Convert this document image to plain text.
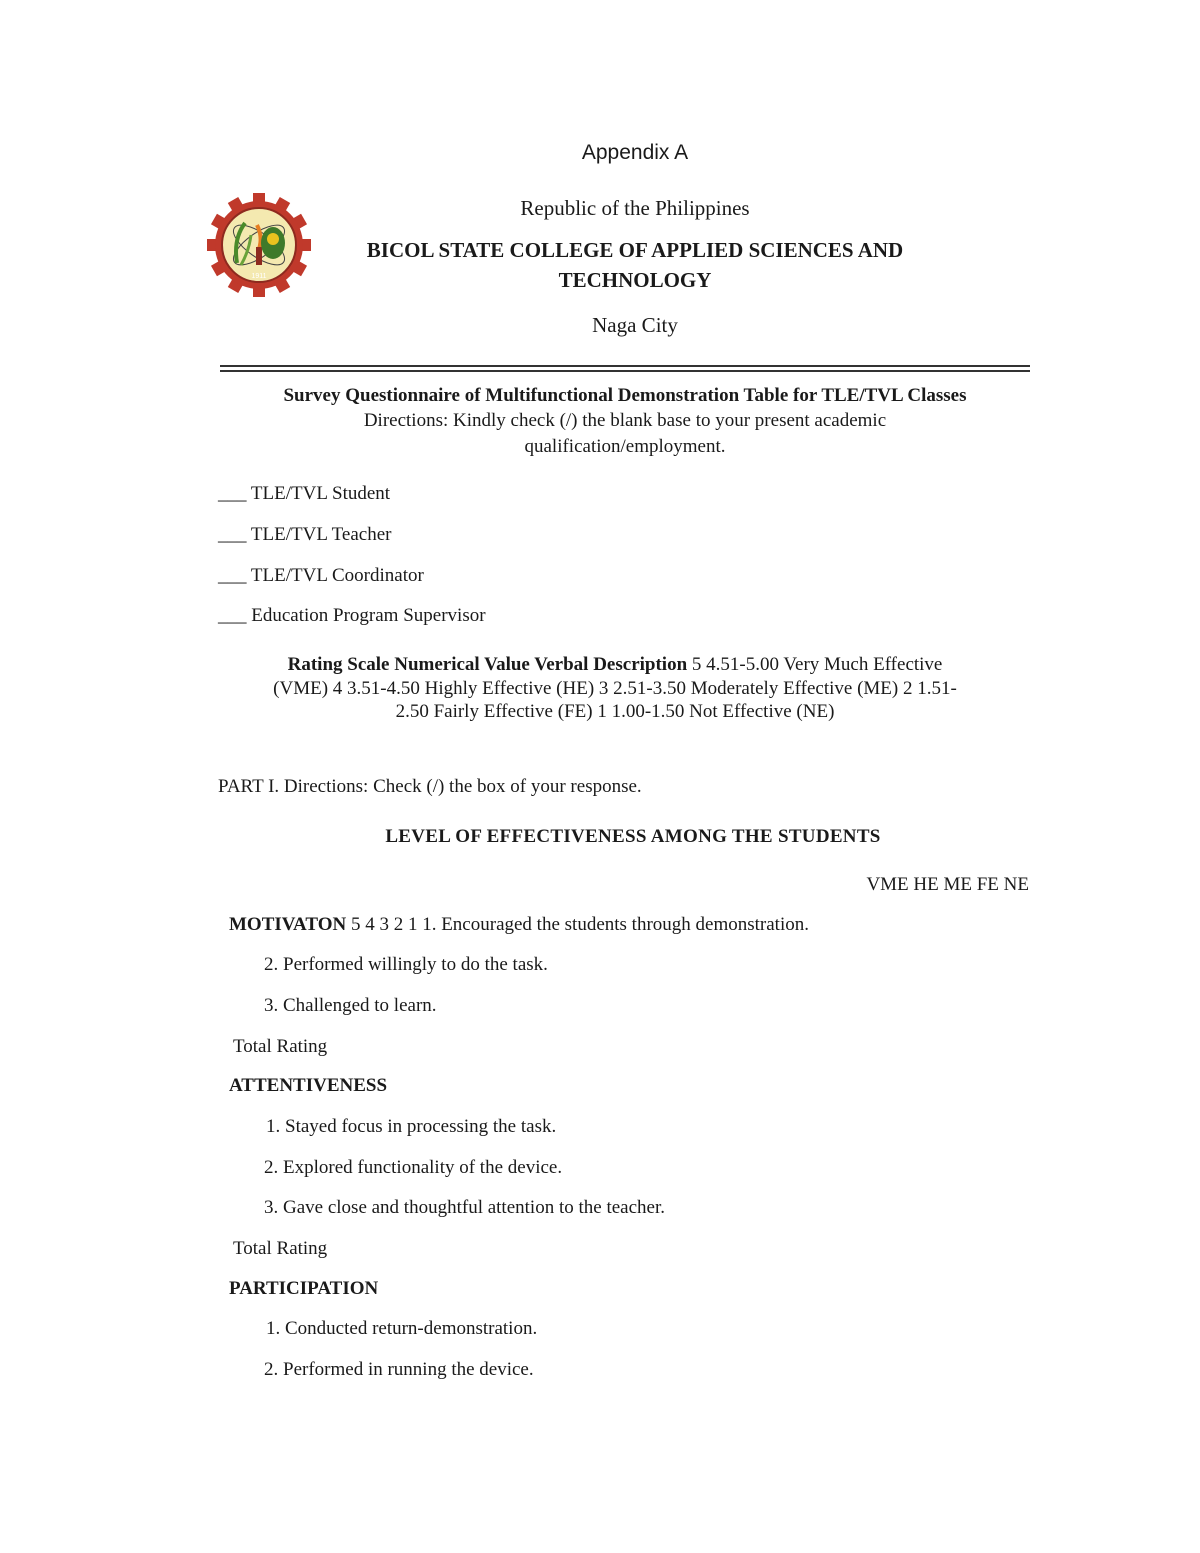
Appendix A
1911
Republic of the Philippines
BICOL STATE COLLEGE OF APPLIED SCIENCES AND
TECHNOLOGY
Naga City
Survey Questionnaire of Multifunctional Demonstration Table for TLE/TVL Classes
Directions: Kindly check (/) the blank base to your present academic
qualification/employment.
___ TLE/TVL Student
___ TLE/TVL Teacher
___ TLE/TVL Coordinator
___ Education Program Supervisor
Rating Scale Numerical Value Verbal Description 5 4.51-5.00 Very Much Effective
(VME) 4 3.51-4.50 Highly Effective (HE) 3 2.51-3.50 Moderately Effective (ME) 2 1.51-
2.50 Fairly Effective (FE) 1 1.00-1.50 Not Effective (NE)
PART I. Directions: Check (/) the box of your response.
LEVEL OF EFFECTIVENESS AMONG THE STUDENTS
VME HE ME FE NE
MOTIVATON 5 4 3 2 1 1. Encouraged the students through demonstration.
2. Performed willingly to do the task.
3. Challenged to learn.
Total Rating
ATTENTIVENESS
1. Stayed focus in processing the task.
2. Explored functionality of the device.
3. Gave close and thoughtful attention to the teacher.
Total Rating
PARTICIPATION
1. Conducted return-demonstration.
2. Performed in running the device.
